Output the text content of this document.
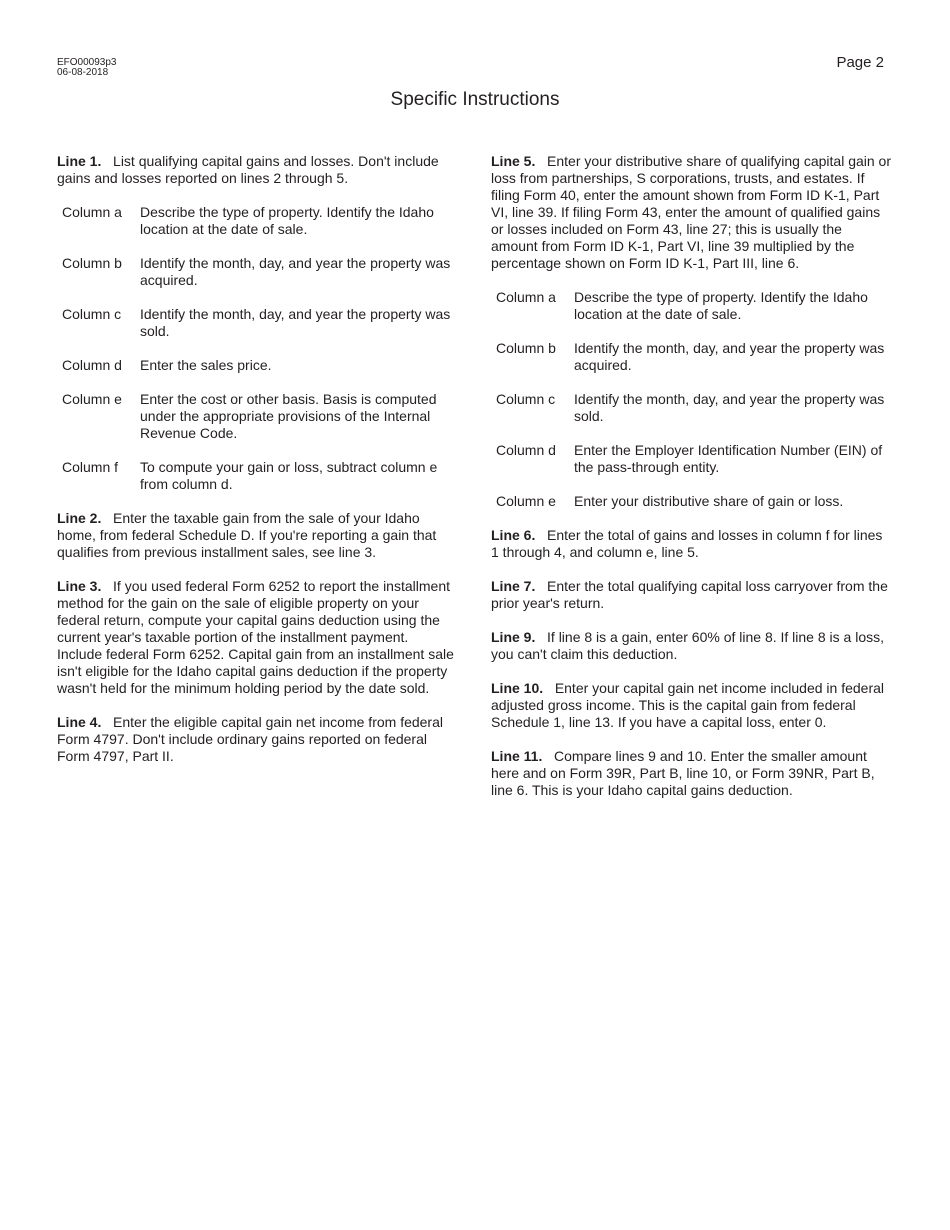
EFO00093p3
06-08-2018
Page 2
Specific Instructions

Line 1. List qualifying capital gains and losses. Don't include gains and losses reported on lines 2 through 5.

Column a	Describe the type of property. Identify the Idaho location at the date of sale.
Column b	Identify the month, day, and year the property was acquired.
Column c	Identify the month, day, and year the property was sold.
Column d	Enter the sales price.
Column e	Enter the cost or other basis. Basis is computed under the appropriate provisions of the Internal Revenue Code.
Column f	To compute your gain or loss, subtract column e from column d.

Line 2. Enter the taxable gain from the sale of your Idaho home, from federal Schedule D. If you're reporting a gain that qualifies from previous installment sales, see line 3.

Line 3. If you used federal Form 6252 to report the installment method for the gain on the sale of eligible property on your federal return, compute your capital gains deduction using the current year's taxable portion of the installment payment. Include federal Form 6252. Capital gain from an installment sale isn't eligible for the Idaho capital gains deduction if the property wasn't held for the minimum holding period by the date sold.

Line 4. Enter the eligible capital gain net income from federal Form 4797. Don't include ordinary gains reported on federal Form 4797, Part II.

Line 5. Enter your distributive share of qualifying capital gain or loss from partnerships, S corporations, trusts, and estates. If filing Form 40, enter the amount shown from Form ID K-1, Part VI, line 39. If filing Form 43, enter the amount of qualified gains or losses included on Form 43, line 27; this is usually the amount from Form ID K-1, Part VI, line 39 multiplied by the percentage shown on Form ID K-1, Part III, line 6.

Column a	Describe the type of property. Identify the Idaho location at the date of sale.
Column b	Identify the month, day, and year the property was acquired.
Column c	Identify the month, day, and year the property was sold.
Column d	Enter the Employer Identification Number (EIN) of the pass-through entity.
Column e	Enter your distributive share of gain or loss.

Line 6. Enter the total of gains and losses in column f for lines 1 through 4, and column e, line 5.

Line 7. Enter the total qualifying capital loss carryover from the prior year's return.

Line 9. If line 8 is a gain, enter 60% of line 8. If line 8 is a loss, you can't claim this deduction.

Line 10. Enter your capital gain net income included in federal adjusted gross income. This is the capital gain from federal Schedule 1, line 13. If you have a capital loss, enter 0.

Line 11. Compare lines 9 and 10. Enter the smaller amount here and on Form 39R, Part B, line 10, or Form 39NR, Part B, line 6. This is your Idaho capital gains deduction.
